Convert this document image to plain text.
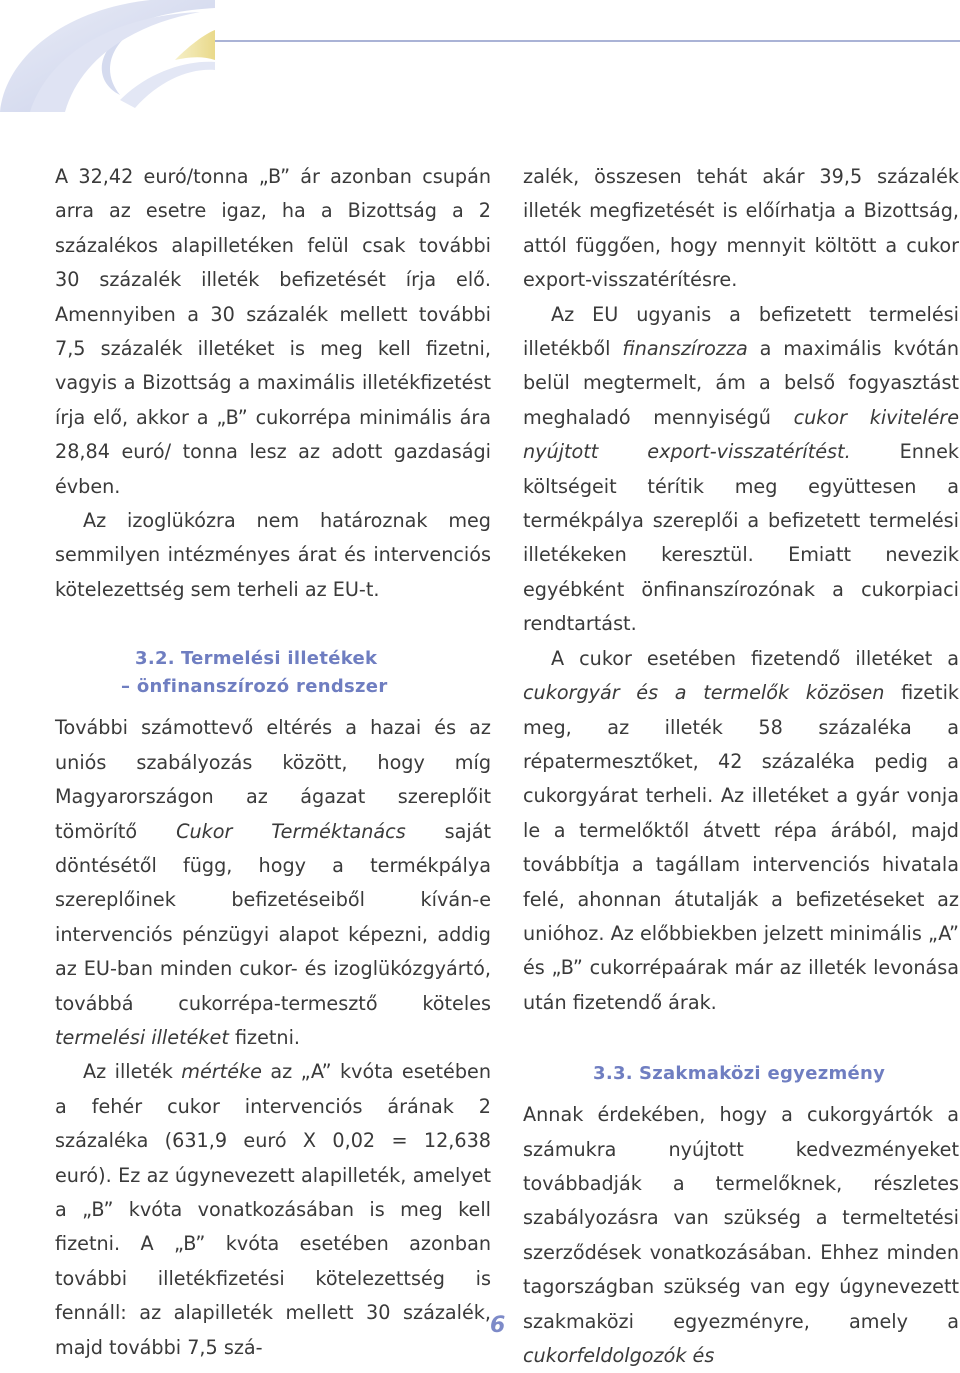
A 32,42 euró/tonna „B” ár azonban csupán arra az esetre igaz, ha a Bizottság a 2 százalékos alapilletéken felül csak további 30 százalék illeték befizetését írja elő. Amennyiben a 30 százalék mellett további 7,5 százalék illetéket is meg kell fizetni, vagyis a Bizottság a maximális illetékfizetést írja elő, akkor a „B” cukorrépa minimális ára 28,84 euró/ tonna lesz az adott gazdasági évben.

Az izoglükózra nem határoznak meg semmilyen intézményes árat és intervenciós kötelezettség sem terheli az EU-t.

3.2. Termelési illetékek
– önfinanszírozó rendszer

További számottevő eltérés a hazai és az uniós szabályozás között, hogy míg Magyarországon az ágazat szereplőit tömörítő Cukor Terméktanács saját döntésétől függ, hogy a termékpálya szereplőinek befizetéseiből kíván-e intervenciós pénzügyi alapot képezni, addig az EU-ban minden cukor- és izoglükózgyártó, továbbá cukorrépa-termesztő köteles termelési illetéket fizetni.

Az illeték mértéke az „A” kvóta esetében a fehér cukor intervenciós árának 2 százaléka (631,9 euró X 0,02 = 12,638 euró). Ez az úgynevezett alapilleték, amelyet a „B” kvóta vonatkozásában is meg kell fizetni. A „B” kvóta esetében azonban további illetékfizetési kötelezettség is fennáll: az alapilleték mellett 30 százalék, majd további 7,5 szá-

zalék, összesen tehát akár 39,5 százalék illeték megfizetését is előírhatja a Bizottság, attól függően, hogy mennyit költött a cukor export-visszatérítésre.

Az EU ugyanis a befizetett termelési illetékből finanszírozza a maximális kvótán belül megtermelt, ám a belső fogyasztást meghaladó mennyiségű cukor kivitelére nyújtott export-visszatérítést. Ennek költségeit térítik meg együttesen a termékpálya szereplői a befizetett termelési illetékeken keresztül. Emiatt nevezik egyébként önfinanszírozónak a cukorpiaci rendtartást.

A cukor esetében fizetendő illetéket a cukorgyár és a termelők közösen fizetik meg, az illeték 58 százaléka a répatermesztőket, 42 százaléka pedig a cukorgyárat terheli. Az illetéket a gyár vonja le a termelőktől átvett répa árából, majd továbbítja a tagállam intervenciós hivatala felé, ahonnan átutalják a befizetéseket az unióhoz. Az előbbiekben jelzett minimális „A” és „B” cukorrépaárak már az illeték levonása után fizetendő árak.

3.3. Szakmaközi egyezmény

Annak érdekében, hogy a cukorgyártók a számukra nyújtott kedvezményeket továbbadják a termelőknek, részletes szabályozásra van szükség a termeltetési szerződések vonatkozásában. Ehhez minden tagországban szükség van egy úgynevezett szakmaközi egyezményre, amely a cukorfeldolgozók és

6
